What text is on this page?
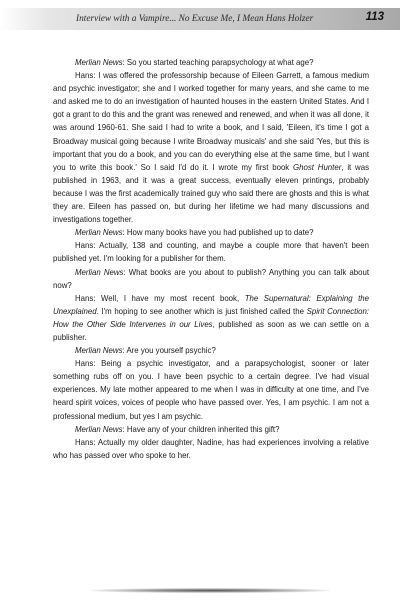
Interview with a Vampire... No Excuse Me, I Mean Hans Holzer	113

Merlian News: So you started teaching parapsychology at what age?

Hans: I was offered the professorship because of Eileen Garrett, a famous medium and psychic investigator; she and I worked together for many years, and she came to me and asked me to do an investigation of haunted houses in the eastern United States. And I got a grant to do this and the grant was renewed and renewed, and when it was all done, it was around 1960-61. She said I had to write a book, and I said, 'Eileen, it's time I got a Broadway musical going because I write Broadway musicals' and she said 'Yes, but this is important that you do a book, and you can do everything else at the same time, but I want you to write this book.' So I said I'd do it. I wrote my first book Ghost Hunter, it was published in 1963, and it was a great success, eventually eleven printings, probably because I was the first academically trained guy who said there are ghosts and this is what they are. Eileen has passed on, but during her lifetime we had many discussions and investigations together.

Merlian News: How many books have you had published up to date?

Hans: Actually, 138 and counting, and maybe a couple more that haven't been published yet. I'm looking for a publisher for them.

Merlian News: What books are you about to publish? Anything you can talk about now?

Hans: Well, I have my most recent book, The Supernatural: Explaining the Unexplained. I'm hoping to see another which is just finished called the Spirit Connection: How the Other Side Intervenes in our Lives, published as soon as we can settle on a publisher.

Merlian News: Are you yourself psychic?

Hans: Being a psychic investigator, and a parapsychologist, sooner or later something rubs off on you. I have been psychic to a certain degree. I've had visual experiences. My late mother appeared to me when I was in difficulty at one time, and I've heard spirit voices, voices of people who have passed over. Yes, I am psychic. I am not a professional medium, but yes I am psychic.

Merlian News: Have any of your children inherited this gift?

Hans: Actually my older daughter, Nadine, has had experiences involving a relative who has passed over who spoke to her.
